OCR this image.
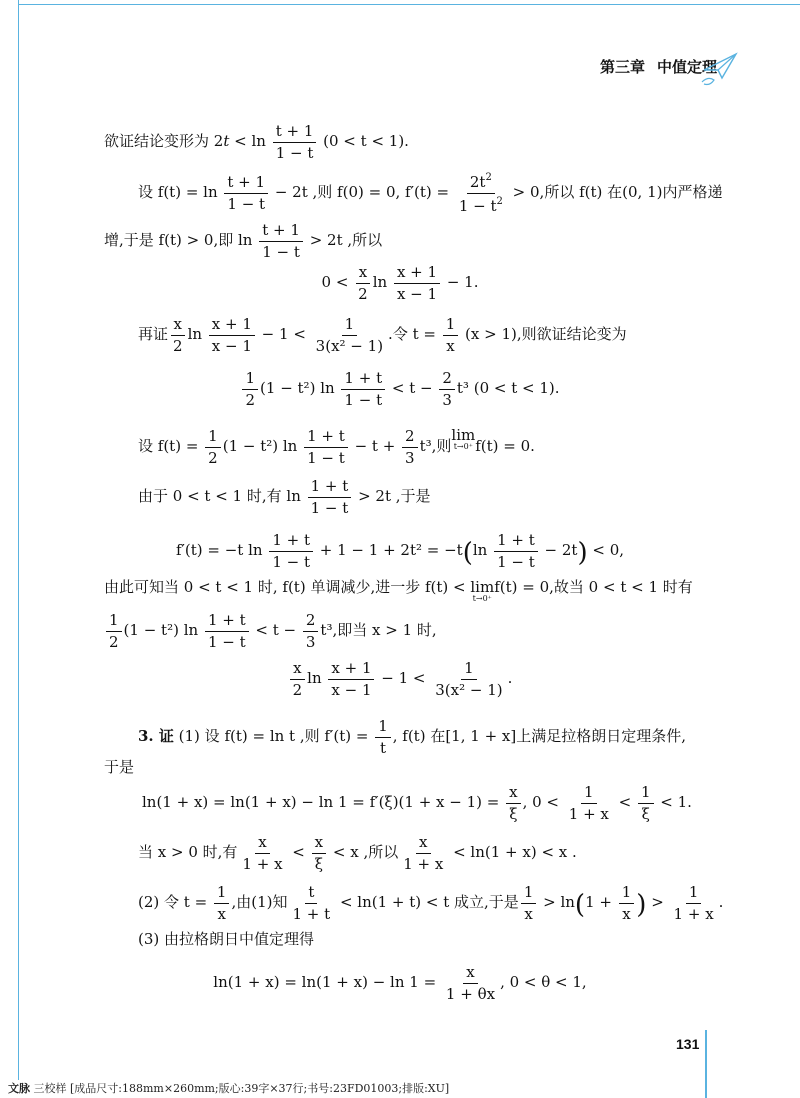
第三章 中值定理
欲证结论变形为 $2t < \ln \frac{t + 1}{1 - t} (0 < t < 1)$.
设 $f(t) = \ln \frac{t + 1}{1 - t} - 2t$ ,则 f(0) = 0, $f'(t) = \frac{2t^2}{1 - t^2} > 0$,所以 f(t) 在(0, 1)内严格递
增,于是 f(t) > 0,即 $\ln \frac{t + 1}{1 - t} > 2t$ ,所以
$0 < \frac{x}{2}$ $\ln \frac{x + 1}{x - 1} - 1$.
再证 $\frac{x}{2}$ $\ln \frac{x + 1}{x - 1} - 1 < \frac{1}{\text{3(x² − 1)}}$ .令 $t = \frac{1}{x} (x > 1)$,则欲证结论变为
$\frac{1}{2} (1 - t^2)$ $\ln \frac{1 + t}{1 - t} < t - \frac{2}{3} t^3$ (0 < t < 1).
设 $f(t) = \frac{1}{2} (1 - t^2)$ $\ln \frac{1 + t}{1 - t} - t + \frac{2}{3} t^3$,则
lim
t→0⁺ f(t) = 0.
由于 0 < t < 1 时,有 $\ln \frac{1 + t}{1 - t} > 2t$ ,于是
f′(t) = −t $\ln \frac{1 + t}{1 - t} + 1 - 1 + 2t^2 = -t(\ln \frac{1 + t}{1 - t} - 2t) < 0$,
由此可知当 0 < t < 1 时, f(t) 单调减少,进一步 f(t) < lim
t→0⁺
f(t) = 0,故当 0 < t < 1 时有
$\frac{1}{2} (1 - t^2)$ $\ln \frac{1 + t}{1 - t} < t - \frac{2}{3} t^3$,即当 x > 1 时,
$\frac{x}{2}$ $\ln \frac{x + 1}{x - 1} - 1 < \frac{1}{\text{3(x² − 1)}}$ .
3. 证 (1) 设 f(t) = ln t ,则 $f'(t) = \frac{1}{t}$ , f(t) 在[1, 1 + x]上满足拉格朗日定理条件,
于是
$\ln(1 + x) = \ln(1 + x) - \ln 1 = f'(\xi)(1 + x - 1) = \frac{x}{\xi}$ , $0 < \frac{1}{1 + x} < \frac{1}{\xi} < 1$.
当 x > 0 时,有 $\frac{x}{1 + x} < \frac{x}{\xi} < x$ ,所以 $\frac{x}{1 + x} < \ln(1 + x) < x$ .
(2) 令 $t = \frac{1}{x}$ ,由(1)知 $\frac{t}{1 + t} < \ln(1 + t) < t$ 成立,于是 $\frac{1}{x} > \ln(1 + \frac{1}{x}$ ) > $\frac{1}{1 + x}$ .
(3) 由拉格朗日中值定理得
$\ln(1 + x) = \ln(1 + x) - \ln 1 = \frac{x}{1 + \theta x}$ , 0 < θ < 1,
131
文脉 三校样 [成品尺寸:188mm×260mm;版心:39字×37行;书号:23FD01003;排版:XU]
